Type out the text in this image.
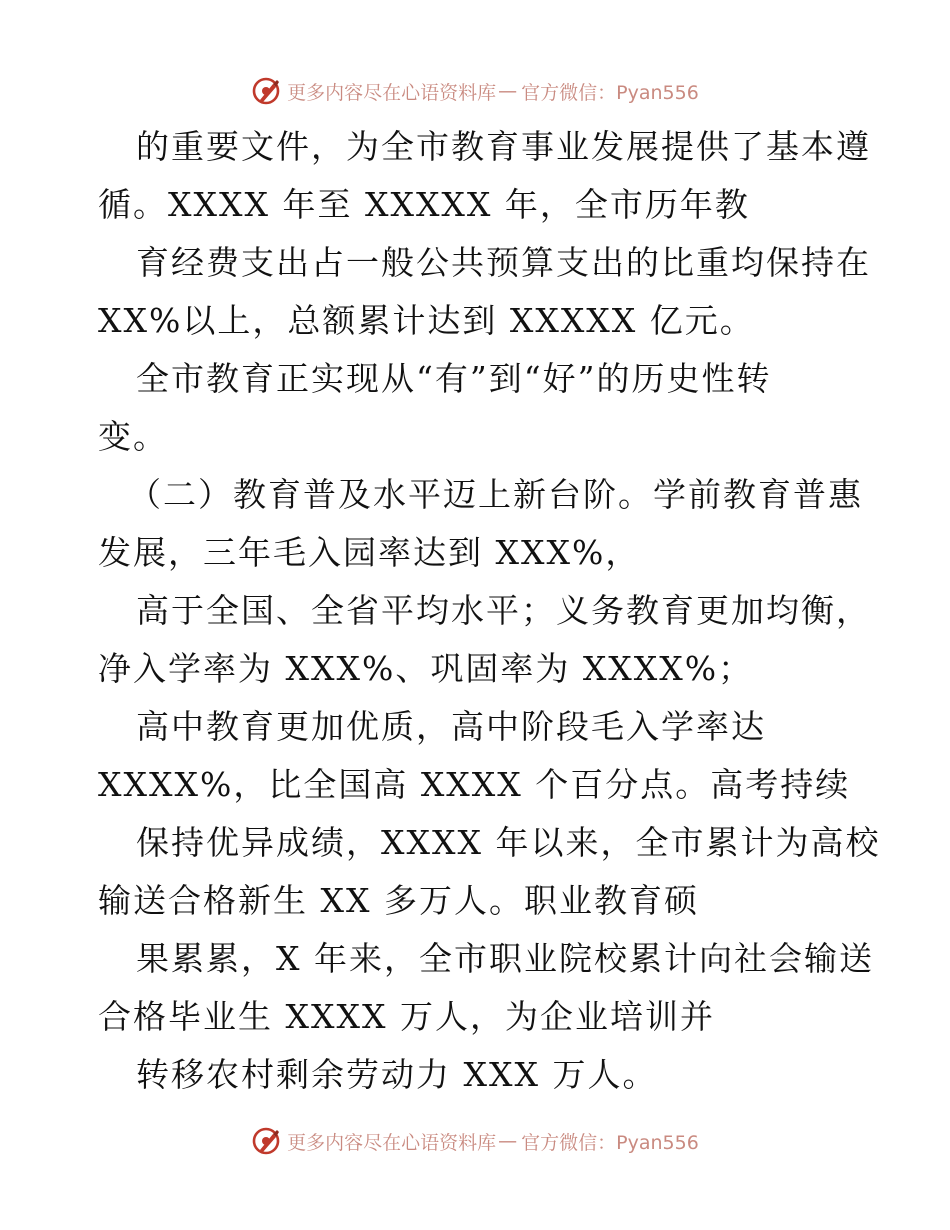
更多内容尽在心语资料库 — 官方微信：Pyan556
的重要文件，为全市教育事业发展提供了基本遵
循。XXXX 年至 XXXXX 年，全市历年教
育经费支出占一般公共预算支出的比重均保持在
XX%以上，总额累计达到 XXXXX 亿元。
全市教育正实现从“有”到“好”的历史性转
变。
（二）教育普及水平迈上新台阶。学前教育普惠
发展，三年毛入园率达到 XXX%，
高于全国、全省平均水平；义务教育更加均衡，
净入学率为 XXX%、巩固率为 XXXX%；
高中教育更加优质，高中阶段毛入学率达
XXXX%，比全国高 XXXX 个百分点。高考持续
保持优异成绩，XXXX 年以来，全市累计为高校
输送合格新生 XX 多万人。职业教育硕
果累累，X 年来，全市职业院校累计向社会输送
合格毕业生 XXXX 万人，为企业培训并
转移农村剩余劳动力 XXX 万人。
更多内容尽在心语资料库 — 官方微信：Pyan556
